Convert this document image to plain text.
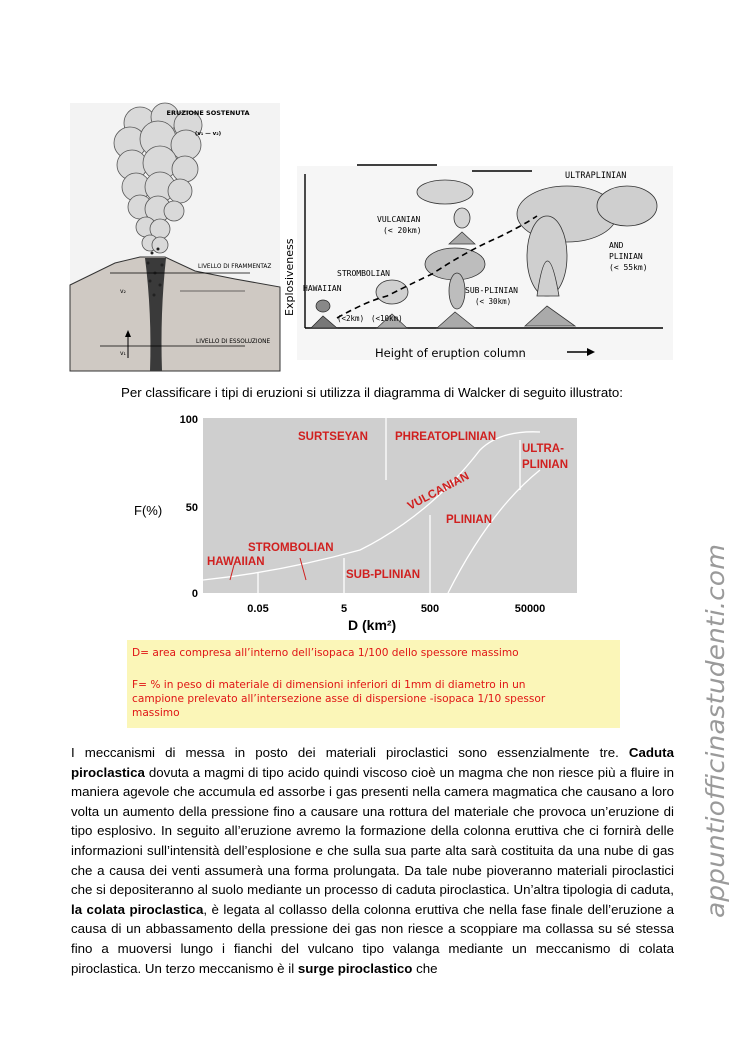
ERUZIONE SOSTENUTA
(v₁ — v₂)
LIVELLO DI FRAMMENTAZ
LIVELLO DI ESSOLUZIONE
v₂
v₁
Explosiveness
Height of eruption column
ULTRAPLINIAN
AND
PLINIAN
(< 55km)
VULCANIAN
(< 20km)
STROMBOLIAN
(<10km)
HAWAIIAN
(<2km)
SUB-PLINIAN
(< 30km)
Per classificare i tipi di eruzioni si utilizza il diagramma di Walcker di seguito illustrato:
100
50
0
0.05	5	500	50000
F(%)
D (km²)
SURTSEYAN PHREATOPLINIAN
VULCANIAN
ULTRA-
PLINIAN
PLINIAN
STROMBOLIAN
HAWAIIAN
SUB-PLINIAN
D= area compresa all’interno dell’isopaca 1/100 dello spessore massimo
F= % in peso di materiale di dimensioni inferiori di 1mm di diametro in un
campione prelevato all’intersezione asse di dispersione -isopaca 1/10 spessor
massimo

I meccanismi di messa in posto dei materiali piroclastici sono essenzialmente tre. Caduta piroclastica dovuta a magmi di tipo acido quindi viscoso cioè un magma che non riesce più a fluire in maniera agevole che accumula ed assorbe i gas presenti nella camera magmatica che causano a loro volta un aumento della pressione fino a causare una rottura del materiale che provoca un’eruzione di tipo esplosivo. In seguito all’eruzione avremo la formazione della colonna eruttiva che ci fornirà delle informazioni sull’intensità dell’esplosione e che sulla sua parte alta sarà costituita da una nube di gas che a causa dei venti assumerà una forma prolungata. Da tale nube pioveranno materiali piroclastici che si depositeranno al suolo mediante un processo di caduta piroclastica. Un’altra tipologia di caduta, la colata piroclastica, è legata al collasso della colonna eruttiva che nella fase finale dell’eruzione a causa di un abbassamento della pressione dei gas non riesce a scoppiare ma collassa su sé stessa fino a muoversi lungo i fianchi del vulcano tipo valanga mediante un meccanismo di colata piroclastica. Un terzo meccanismo è il surge piroclastico che

appuntiofficinastudenti.com
